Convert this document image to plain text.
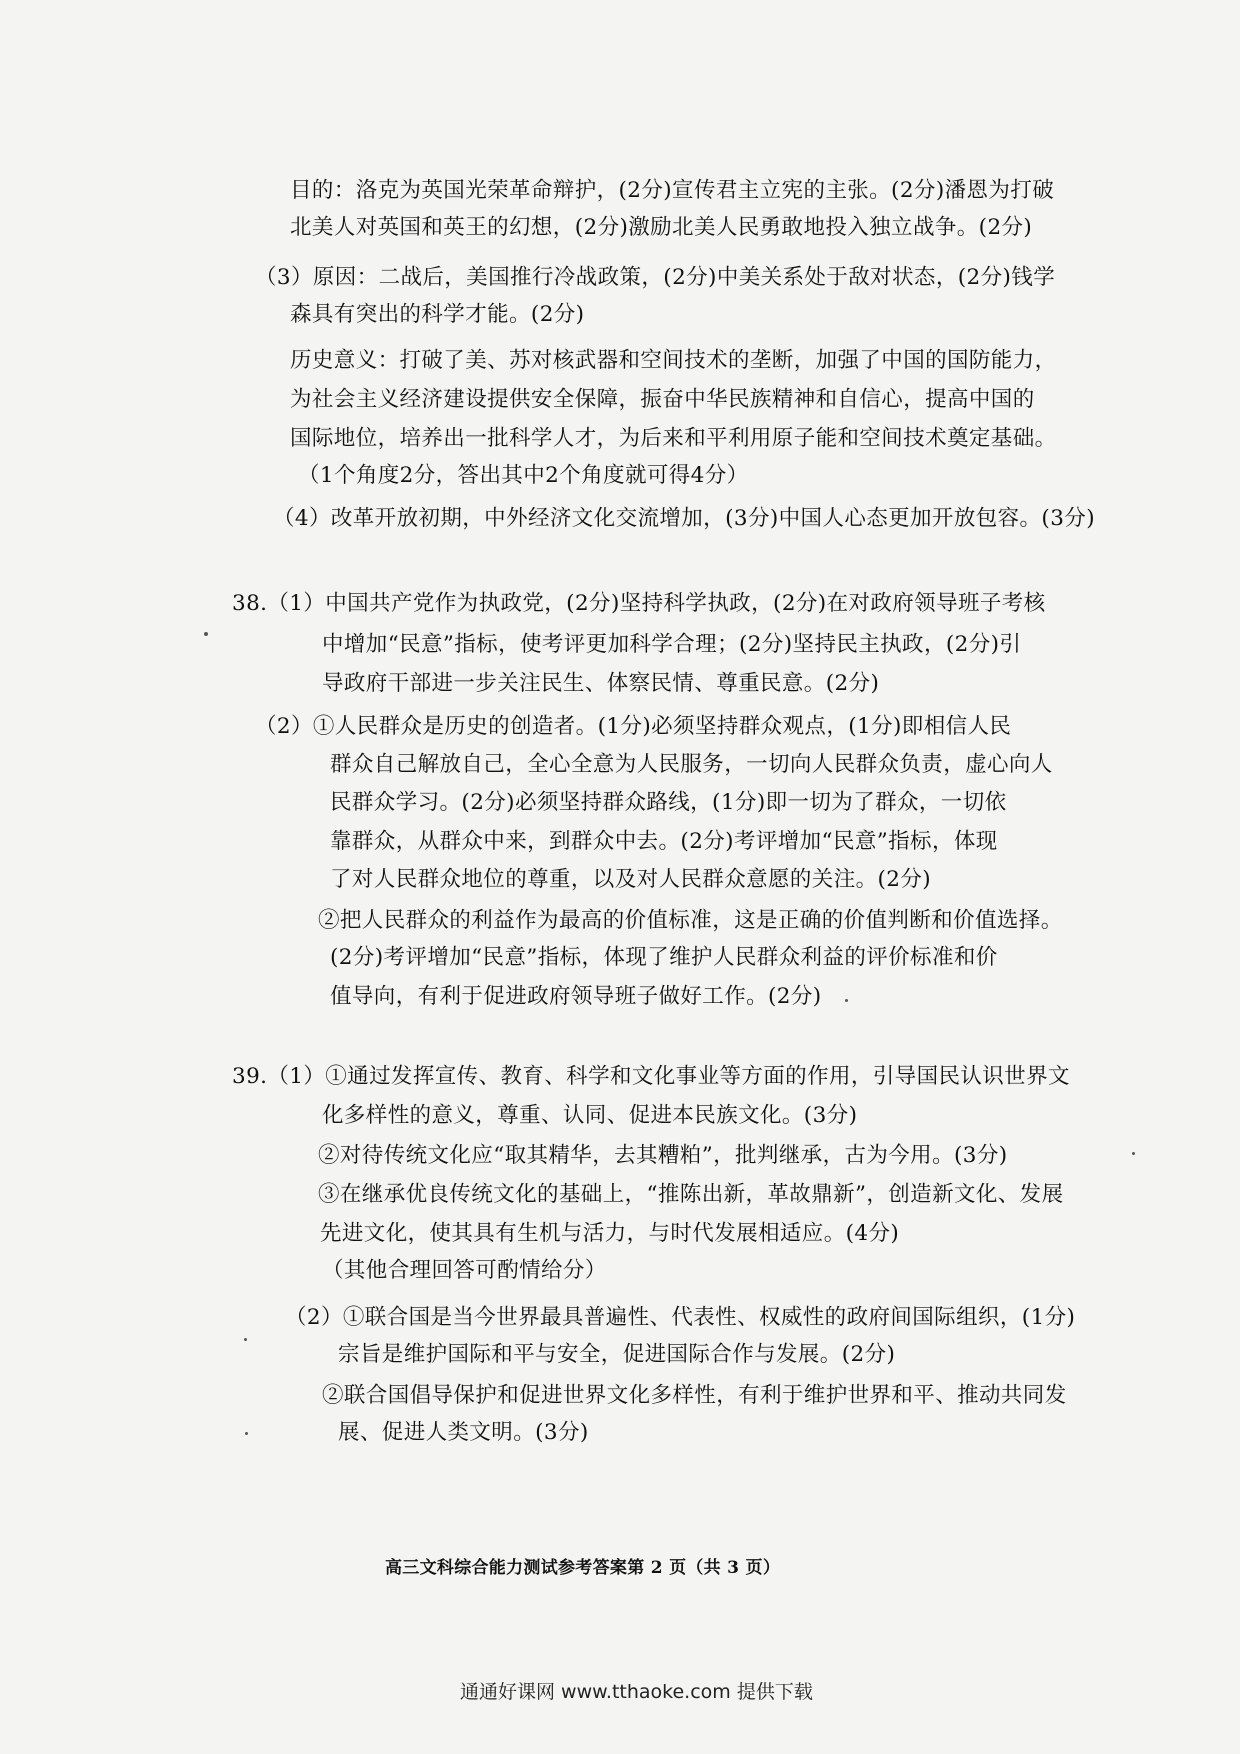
目的：洛克为英国光荣革命辩护，(2分)宣传君主立宪的主张。(2分)潘恩为打破
北美人对英国和英王的幻想，(2分)激励北美人民勇敢地投入独立战争。(2分)
（3）原因：二战后，美国推行冷战政策，(2分)中美关系处于敌对状态，(2分)钱学
森具有突出的科学才能。(2分)
历史意义：打破了美、苏对核武器和空间技术的垄断，加强了中国的国防能力，
为社会主义经济建设提供安全保障，振奋中华民族精神和自信心，提高中国的
国际地位，培养出一批科学人才，为后来和平利用原子能和空间技术奠定基础。
（1个角度2分，答出其中2个角度就可得4分）
（4）改革开放初期，中外经济文化交流增加，(3分)中国人心态更加开放包容。(3分)
38.（1）中国共产党作为执政党，(2分)坚持科学执政，(2分)在对政府领导班子考核
中增加“民意”指标，使考评更加科学合理；(2分)坚持民主执政，(2分)引
导政府干部进一步关注民生、体察民情、尊重民意。(2分)
（2）①人民群众是历史的创造者。(1分)必须坚持群众观点，(1分)即相信人民
群众自己解放自己，全心全意为人民服务，一切向人民群众负责，虚心向人
民群众学习。(2分)必须坚持群众路线，(1分)即一切为了群众，一切依
靠群众，从群众中来，到群众中去。(2分)考评增加“民意”指标，体现
了对人民群众地位的尊重，以及对人民群众意愿的关注。(2分)
②把人民群众的利益作为最高的价值标准，这是正确的价值判断和价值选择。
(2分)考评增加“民意”指标，体现了维护人民群众利益的评价标准和价
值导向，有利于促进政府领导班子做好工作。(2分)
39.（1）①通过发挥宣传、教育、科学和文化事业等方面的作用，引导国民认识世界文
化多样性的意义，尊重、认同、促进本民族文化。(3分)
②对待传统文化应“取其精华，去其糟粕”，批判继承，古为今用。(3分)
③在继承优良传统文化的基础上，“推陈出新，革故鼎新”，创造新文化、发展
先进文化，使其具有生机与活力，与时代发展相适应。(4分)
（其他合理回答可酌情给分）
（2）①联合国是当今世界最具普遍性、代表性、权威性的政府间国际组织，(1分)
宗旨是维护国际和平与安全，促进国际合作与发展。(2分)
②联合国倡导保护和促进世界文化多样性，有利于维护世界和平、推动共同发
展、促进人类文明。(3分)
高三文科综合能力测试参考答案第 2 页（共 3 页）
通通好课网 www.tthaoke.com 提供下载
